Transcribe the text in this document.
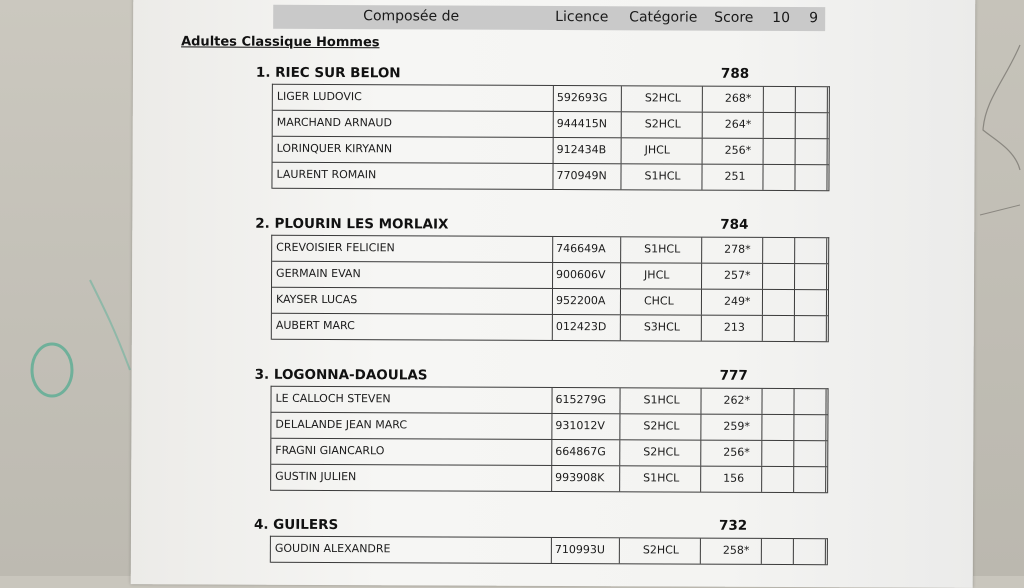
Composée de	Licence Catégorie Score 10 9
Adultes Classique Hommes
1. RIEC SUR BELON	788
LIGER LUDOVIC	592693G	S2HCL	268*
MARCHAND ARNAUD	944415N	S2HCL	264*
LORINQUER KIRYANN	912434B	JHCL	256*
LAURENT ROMAIN	770949N	S1HCL	251
2. PLOURIN LES MORLAIX	784
CREVOISIER FELICIEN	746649A	S1HCL	278*
GERMAIN EVAN	900606V	JHCL	257*
KAYSER LUCAS	952200A	CHCL	249*
AUBERT MARC	012423D	S3HCL	213
3. LOGONNA-DAOULAS	777
LE CALLOCH STEVEN	615279G	S1HCL	262*
DELALANDE JEAN MARC	931012V	S2HCL	259*
FRAGNI GIANCARLO	664867G	S2HCL	256*
GUSTIN JULIEN	993908K	S1HCL	156
4. GUILERS	732
GOUDIN ALEXANDRE	710993U	S2HCL	258*
